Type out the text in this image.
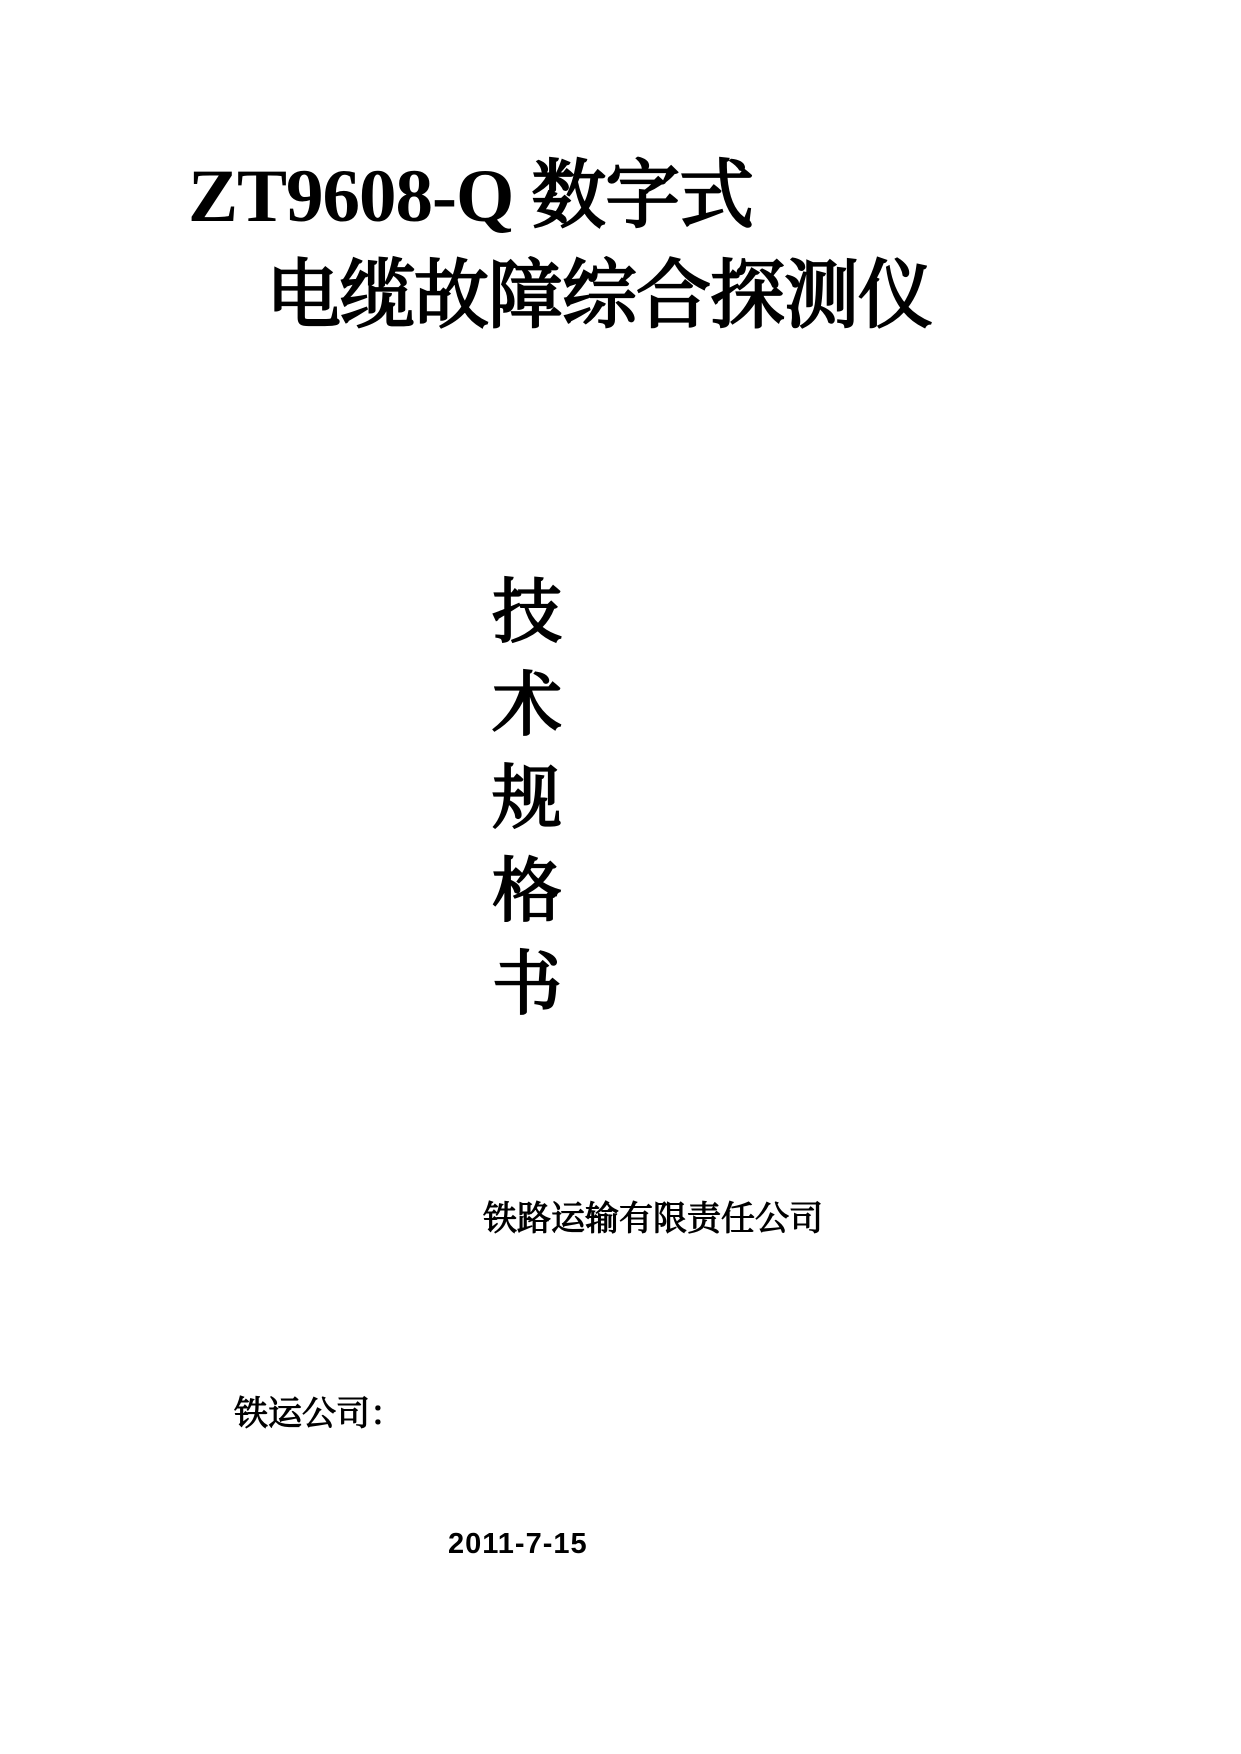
ZT9608-Q 数字式
电缆故障综合探测仪
技
术
规
格
书
铁路运输有限责任公司
铁运公司：
2011-7-15
